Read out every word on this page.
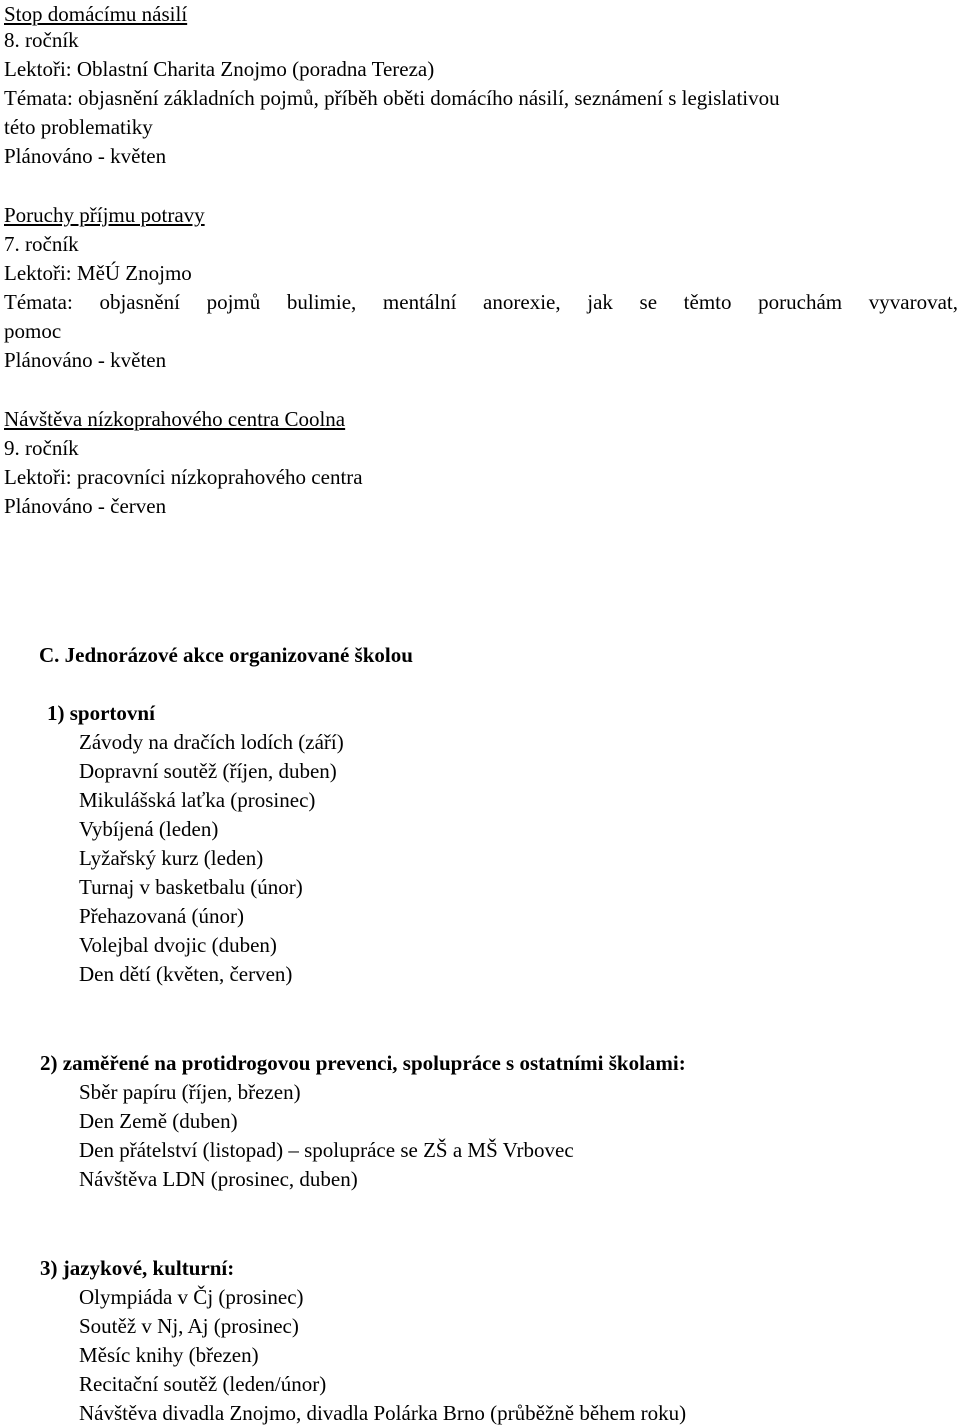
Stop domácímu násilí
8. ročník
Lektoři: Oblastní Charita Znojmo (poradna Tereza)
Témata: objasnění základních pojmů, příběh oběti domácího násilí, seznámení s legislativou
této problematiky
Plánováno - květen
Poruchy příjmu potravy
7. ročník
Lektoři: MěÚ Znojmo
Témata: objasnění pojmů bulimie, mentální anorexie, jak se těmto poruchám vyvarovat,
pomoc
Plánováno - květen
Návštěva nízkoprahového centra Coolna
9. ročník
Lektoři: pracovníci nízkoprahového centra
Plánováno - červen
C. Jednorázové akce organizované školou
1) sportovní
Závody na dračích lodích (září)
Dopravní soutěž (říjen, duben)
Mikulášská laťka (prosinec)
Vybíjená (leden)
Lyžařský kurz (leden)
Turnaj v basketbalu (únor)
Přehazovaná (únor)
Volejbal dvojic (duben)
Den dětí (květen, červen)
2) zaměřené na protidrogovou prevenci, spolupráce s ostatními školami:
Sběr papíru (říjen, březen)
Den Země (duben)
Den přátelství (listopad) – spolupráce se ZŠ a MŠ Vrbovec
Návštěva LDN (prosinec, duben)
3) jazykové, kulturní:
Olympiáda v Čj (prosinec)
Soutěž v Nj, Aj (prosinec)
Měsíc knihy (březen)
Recitační soutěž (leden/únor)
Návštěva divadla Znojmo, divadla Polárka Brno (průběžně během roku)
